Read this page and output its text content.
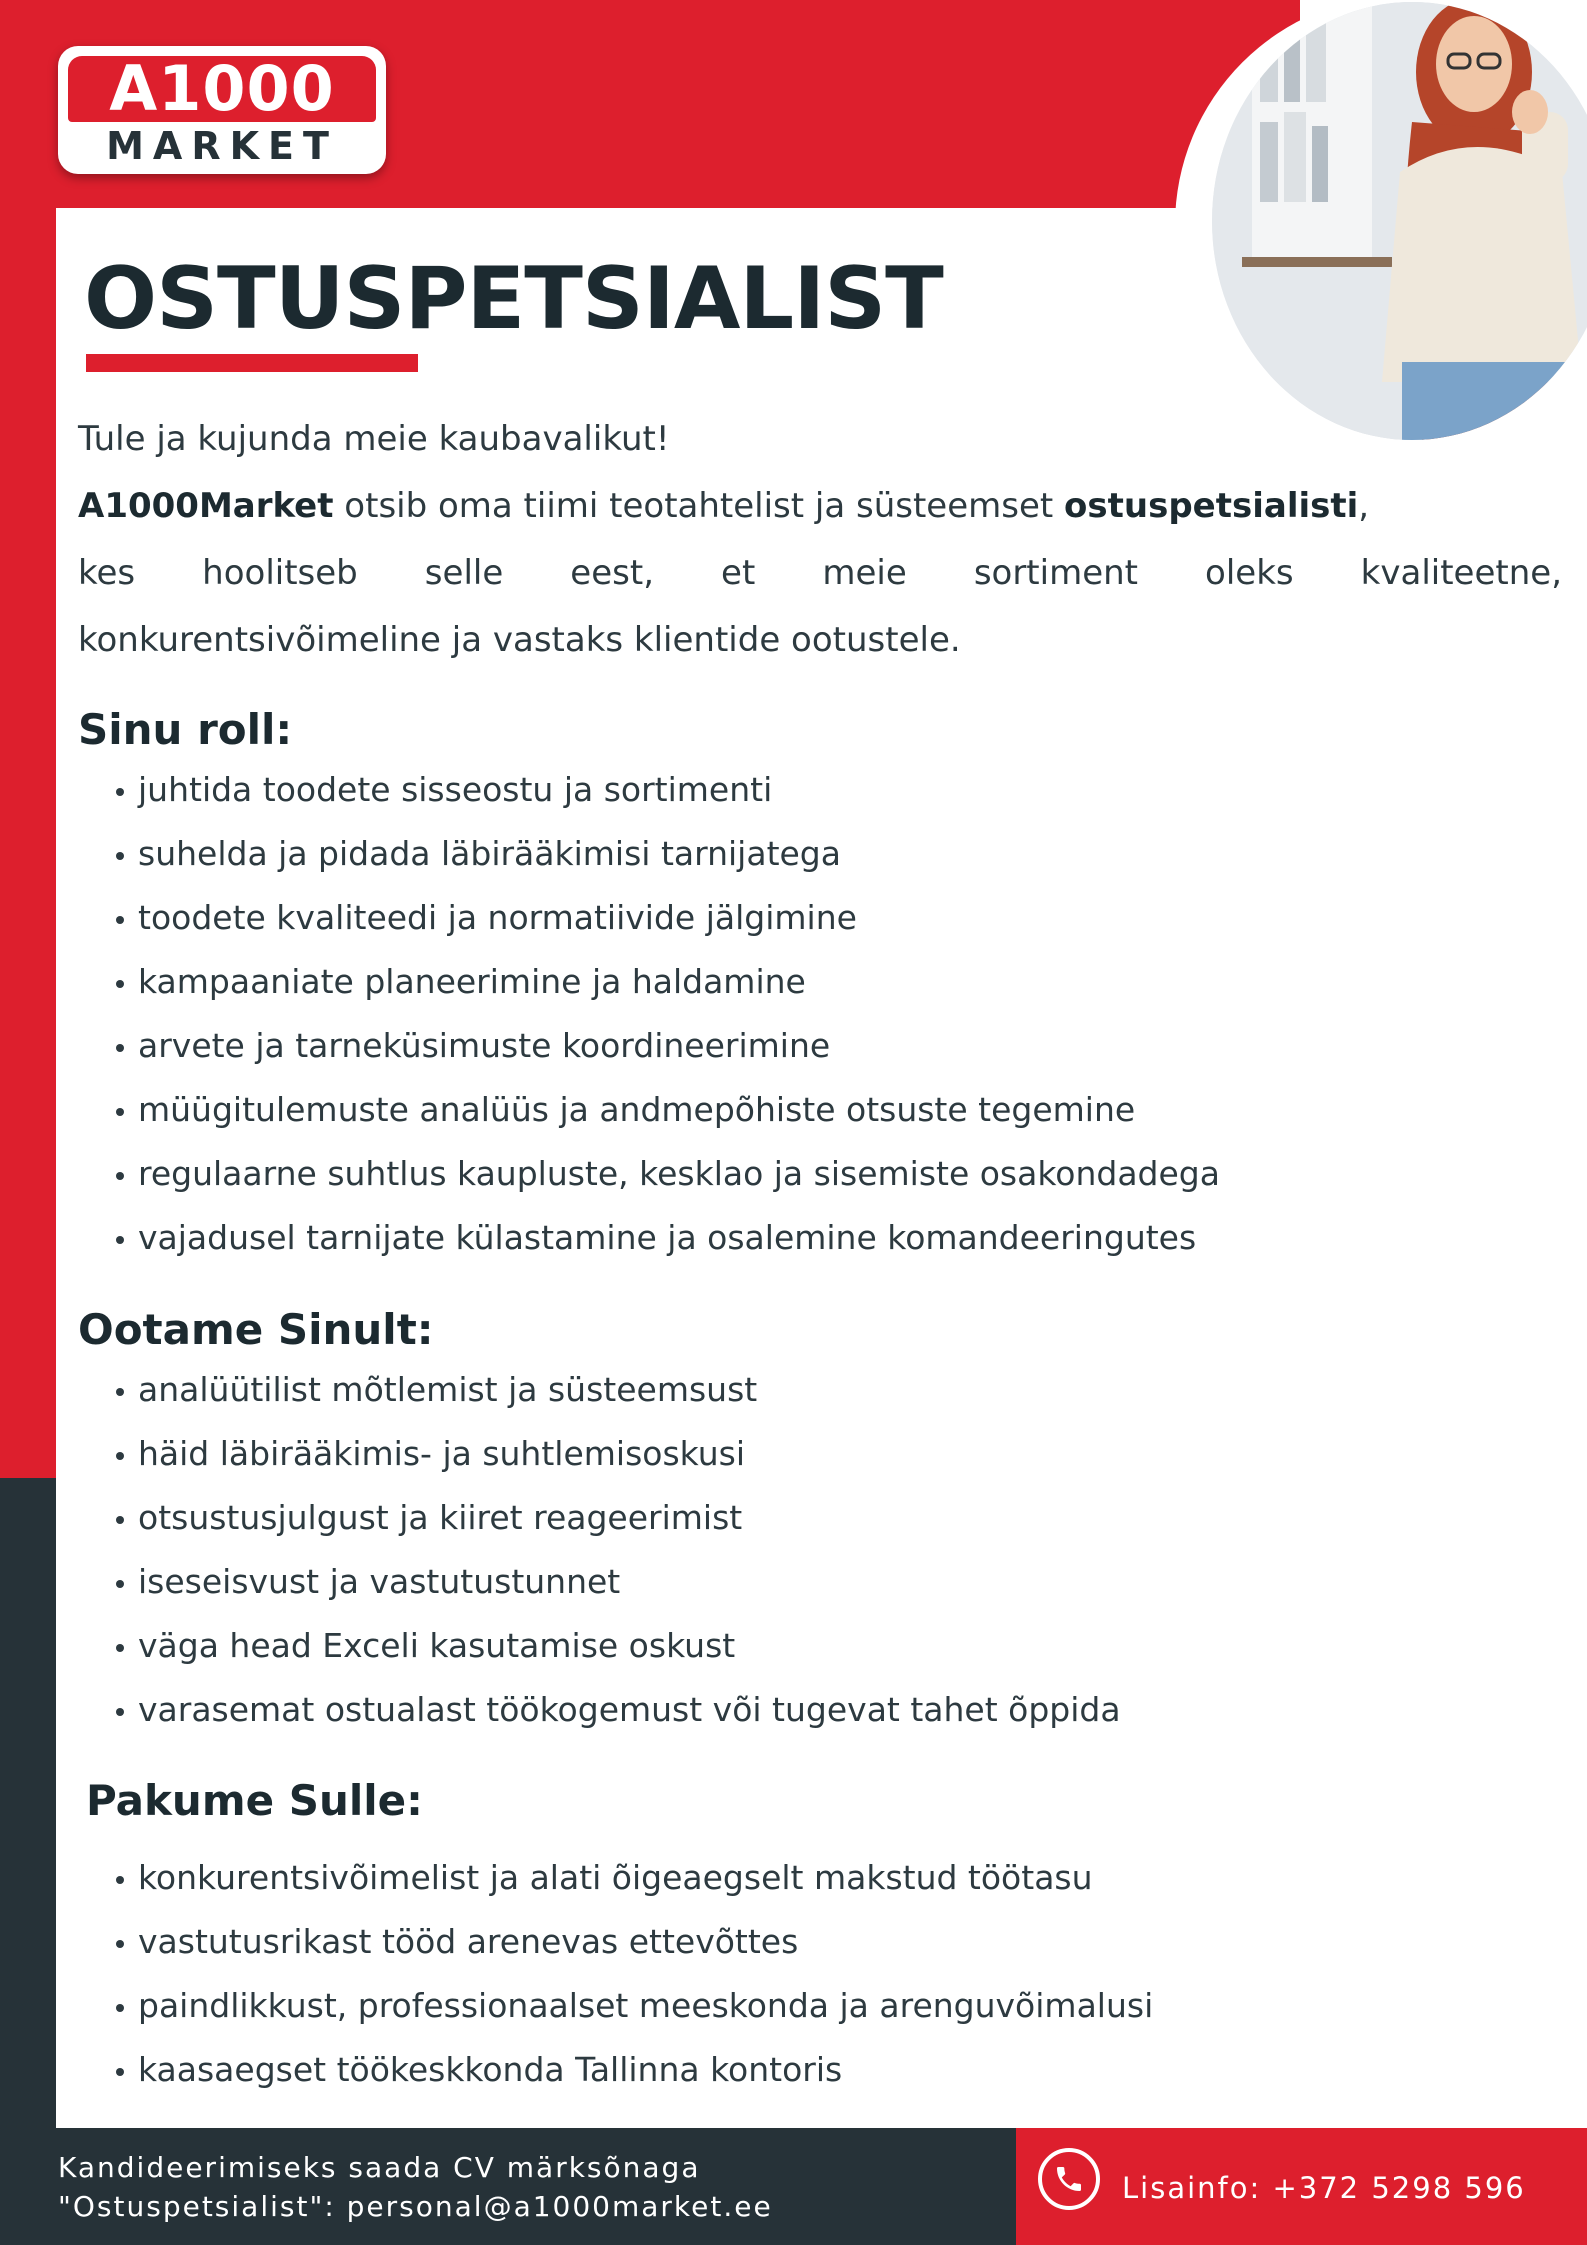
A1000
MARKET
OSTUSPETSIALIST

Tule ja kujunda meie kaubavalikut!

A1000Market otsib oma tiimi teotahtelist ja süsteemset ostuspetsialisti,

kes hoolitseb selle eest, et meie sortiment oleks kvaliteetne,

konkurentsivõimeline ja vastaks klientide ootustele.

Sinu roll:
juhtida toodete sisseostu ja sortimenti
suhelda ja pidada läbirääkimisi tarnijatega
toodete kvaliteedi ja normatiivide jälgimine
kampaaniate planeerimine ja haldamine
arvete ja tarneküsimuste koordineerimine
müügitulemuste analüüs ja andmepõhiste otsuste tegemine
regulaarne suhtlus kaupluste, kesklao ja sisemiste osakondadega
vajadusel tarnijate külastamine ja osalemine komandeeringutes
Ootame Sinult:
analüütilist mõtlemist ja süsteemsust
häid läbirääkimis- ja suhtlemisoskusi
otsustusjulgust ja kiiret reageerimist
iseseisvust ja vastutustunnet
väga head Exceli kasutamise oskust
varasemat ostualast töökogemust või tugevat tahet õppida
Pakume Sulle:
konkurentsivõimelist ja alati õigeaegselt makstud töötasu
vastutusrikast tööd arenevas ettevõttes
paindlikkust, professionaalset meeskonda ja arenguvõimalusi
kaasaegset töökeskkonda Tallinna kontoris
Kandideerimiseks saada CV märksõnaga
"Ostuspetsialist": personal@a1000market.ee
Lisainfo: +372 5298 596
